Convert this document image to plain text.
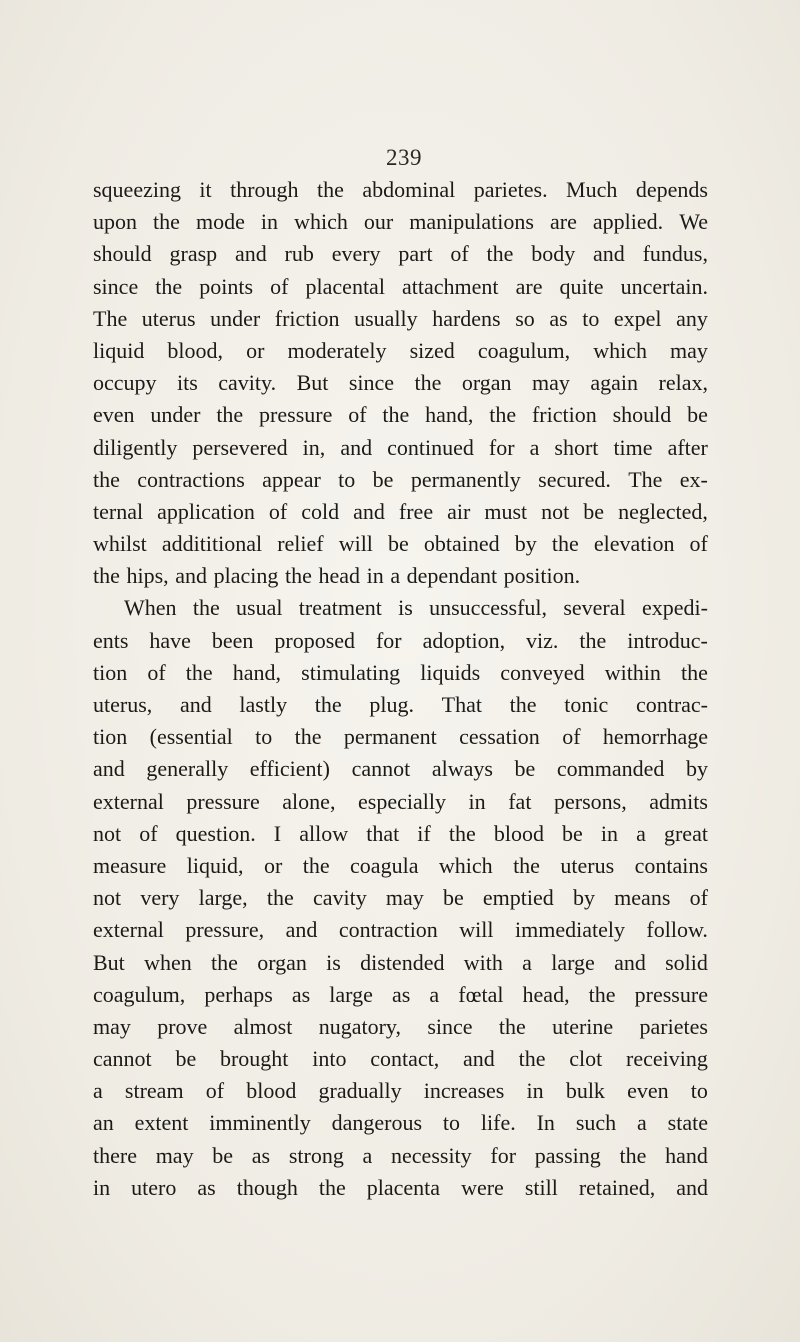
239
squeezing it through the abdominal parietes. Much depends
upon the mode in which our manipulations are applied. We
should grasp and rub every part of the body and fundus,
since the points of placental attachment are quite uncertain.
The uterus under friction usually hardens so as to expel any
liquid blood, or moderately sized coagulum, which may
occupy its cavity. But since the organ may again relax,
even under the pressure of the hand, the friction should be
diligently persevered in, and continued for a short time after
the contractions appear to be permanently secured. The ex-
ternal application of cold and free air must not be neglected,
whilst addititional relief will be obtained by the elevation of
the hips, and placing the head in a dependant position.
When the usual treatment is unsuccessful, several expedi-
ents have been proposed for adoption, viz. the introduc-
tion of the hand, stimulating liquids conveyed within the
uterus, and lastly the plug. That the tonic contrac-
tion (essential to the permanent cessation of hemorrhage
and generally efficient) cannot always be commanded by
external pressure alone, especially in fat persons, admits
not of question. I allow that if the blood be in a great
measure liquid, or the coagula which the uterus contains
not very large, the cavity may be emptied by means of
external pressure, and contraction will immediately follow.
But when the organ is distended with a large and solid
coagulum, perhaps as large as a fœtal head, the pressure
may prove almost nugatory, since the uterine parietes
cannot be brought into contact, and the clot receiving
a stream of blood gradually increases in bulk even to
an extent imminently dangerous to life. In such a state
there may be as strong a necessity for passing the hand
in utero as though the placenta were still retained, and
